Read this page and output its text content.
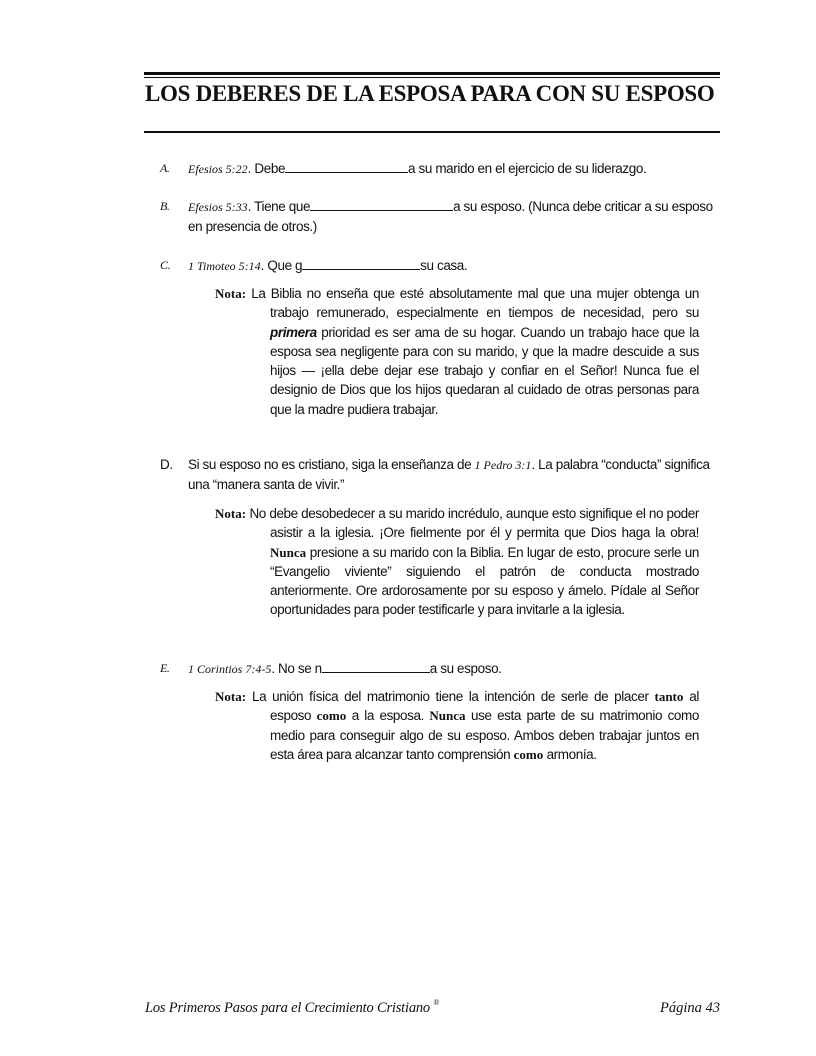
LOS DEBERES DE LA ESPOSA PARA CON SU ESPOSO
A.	Efesios 5:22. Debe	a su marido en el ejercicio de su liderazgo.
B.	Efesios 5:33. Tiene que	a su esposo. (Nunca debe criticar a su esposo en presencia de otros.)
C.	1 Timoteo 5:14. Que g	su casa.
Nota: La Biblia no enseña que esté absolutamente mal que una mujer obtenga un trabajo remunerado, especialmente en tiempos de necesidad, pero su primera prioridad es ser ama de su hogar. Cuando un trabajo hace que la esposa sea negligente para con su marido, y que la madre descuide a sus hijos — ¡ella debe dejar ese trabajo y confiar en el Señor! Nunca fue el designio de Dios que los hijos quedaran al cuidado de otras personas para que la madre pudiera trabajar.
D.	Si su esposo no es cristiano, siga la enseñanza de 1 Pedro 3:1. La palabra “conducta” significa una “manera santa de vivir.”
Nota: No debe desobedecer a su marido incrédulo, aunque esto signifique el no poder asistir a la iglesia. ¡Ore fielmente por él y permita que Dios haga la obra! Nunca presione a su marido con la Biblia. En lugar de esto, procure serle un “Evangelio viviente” siguiendo el patrón de conducta mostrado anteriormente. Ore ardorosamente por su esposo y ámelo. Pídale al Señor oportunidades para poder testificarle y para invitarle a la iglesia.
E.	1 Corintios 7:4-5. No se n	a su esposo.
Nota: La unión física del matrimonio tiene la intención de serle de placer tanto al esposo como a la esposa. Nunca use esta parte de su matrimonio como medio para conseguir algo de su esposo. Ambos deben trabajar juntos en esta área para alcanzar tanto comprensión como armonía.
Los Primeros Pasos para el Crecimiento Cristiano ®	Página 43
